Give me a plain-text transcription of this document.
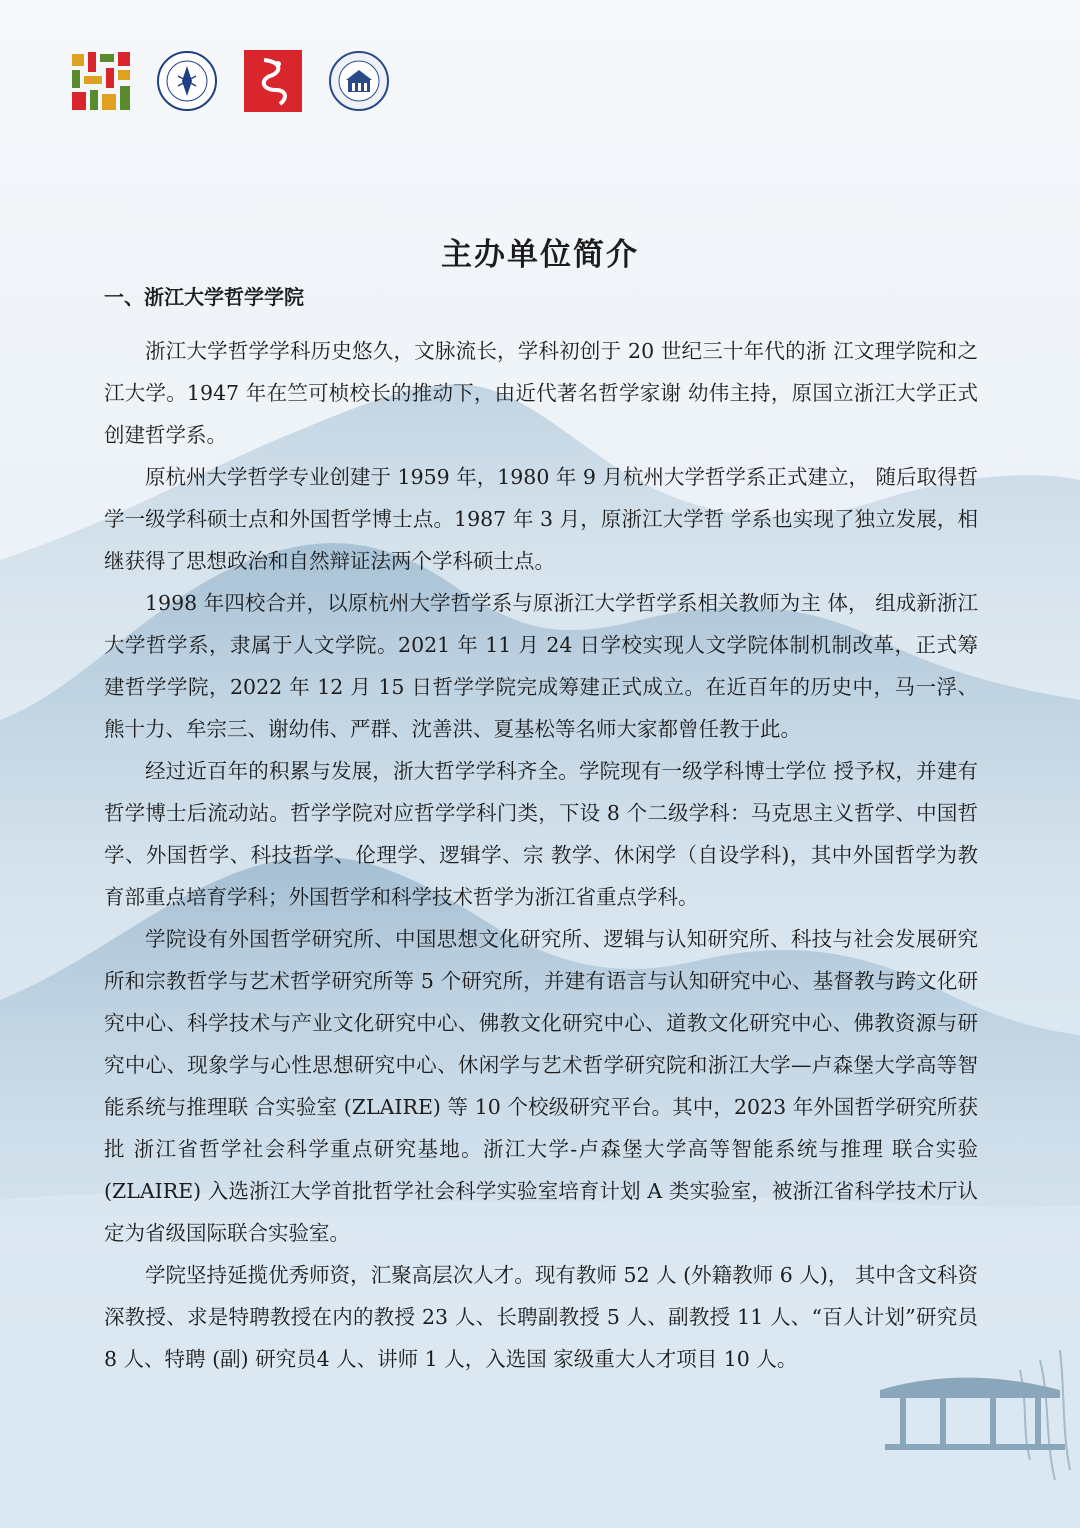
主办单位简介
一、浙江大学哲学学院

浙江大学哲学学科历史悠久，文脉流长，学科初创于 20 世纪三十年代的浙 江文理学院和之江大学。1947 年在竺可桢校长的推动下，由近代著名哲学家谢 幼伟主持，原国立浙江大学正式创建哲学系。

原杭州大学哲学专业创建于 1959 年，1980 年 9 月杭州大学哲学系正式建立， 随后取得哲学一级学科硕士点和外国哲学博士点。1987 年 3 月，原浙江大学哲 学系也实现了独立发展，相继获得了思想政治和自然辩证法两个学科硕士点。

1998 年四校合并，以原杭州大学哲学系与原浙江大学哲学系相关教师为主 体， 组成新浙江大学哲学系，隶属于人文学院。2021 年 11 月 24 日学校实现人文学院体制机制改革，正式筹建哲学学院，2022 年 12 月 15 日哲学学院完成筹建正式成立。在近百年的历史中，马一浮、熊十力、牟宗三、谢幼伟、严群、沈善洪、夏基松等名师大家都曾任教于此。

经过近百年的积累与发展，浙大哲学学科齐全。学院现有一级学科博士学位 授予权，并建有哲学博士后流动站。哲学学院对应哲学学科门类，下设 8 个二级学科：马克思主义哲学、中国哲学、外国哲学、科技哲学、伦理学、逻辑学、宗 教学、休闲学（自设学科)，其中外国哲学为教育部重点培育学科；外国哲学和科学技术哲学为浙江省重点学科。

学院设有外国哲学研究所、中国思想文化研究所、逻辑与认知研究所、科技与社会发展研究所和宗教哲学与艺术哲学研究所等 5 个研究所，并建有语言与认知研究中心、基督教与跨文化研究中心、科学技术与产业文化研究中心、佛教文化研究中心、道教文化研究中心、佛教资源与研究中心、现象学与心性思想研究中心、休闲学与艺术哲学研究院和浙江大学—卢森堡大学高等智能系统与推理联 合实验室 (ZLAIRE) 等 10 个校级研究平台。其中，2023 年外国哲学研究所获批 浙江省哲学社会科学重点研究基地。浙江大学-卢森堡大学高等智能系统与推理 联合实验 (ZLAIRE) 入选浙江大学首批哲学社会科学实验室培育计划 A 类实验室，被浙江省科学技术厅认定为省级国际联合实验室。

学院坚持延揽优秀师资，汇聚高层次人才。现有教师 52 人 (外籍教师 6 人)， 其中含文科资深教授、求是特聘教授在内的教授 23 人、长聘副教授 5 人、副教授 11 人、“百人计划”研究员 8 人、特聘 (副) 研究员4 人、讲师 1 人，入选国 家级重大人才项目 10 人。
